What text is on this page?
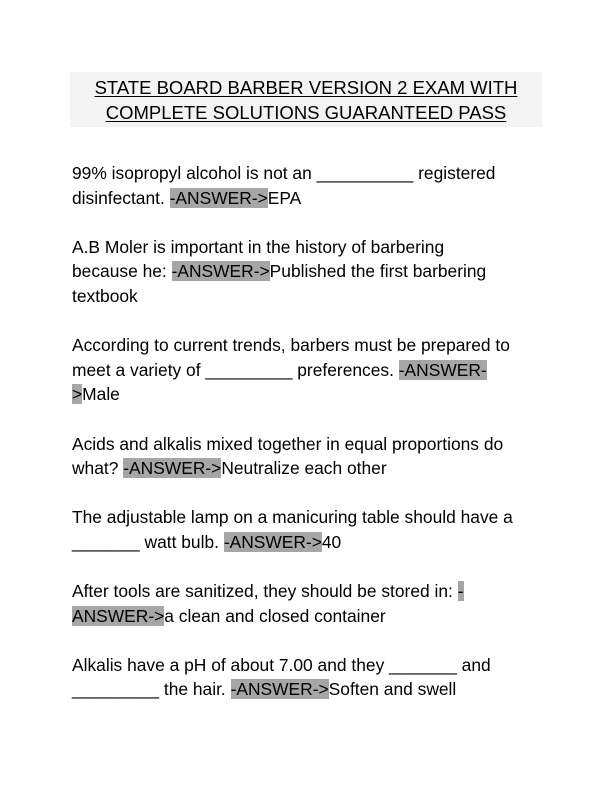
STATE BOARD BARBER VERSION 2 EXAM WITH
COMPLETE SOLUTIONS GUARANTEED PASS
99% isopropyl alcohol is not an __________ registered
disinfectant. -ANSWER->EPA
A.B Moler is important in the history of barbering
because he: -ANSWER->Published the first barbering
textbook
According to current trends, barbers must be prepared to
meet a variety of _________ preferences. -ANSWER-
>Male
Acids and alkalis mixed together in equal proportions do
what? -ANSWER->Neutralize each other
The adjustable lamp on a manicuring table should have a
_______ watt bulb. -ANSWER->40
After tools are sanitized, they should be stored in: -
ANSWER->a clean and closed container
Alkalis have a pH of about 7.00 and they _______ and
_________ the hair. -ANSWER->Soften and swell
